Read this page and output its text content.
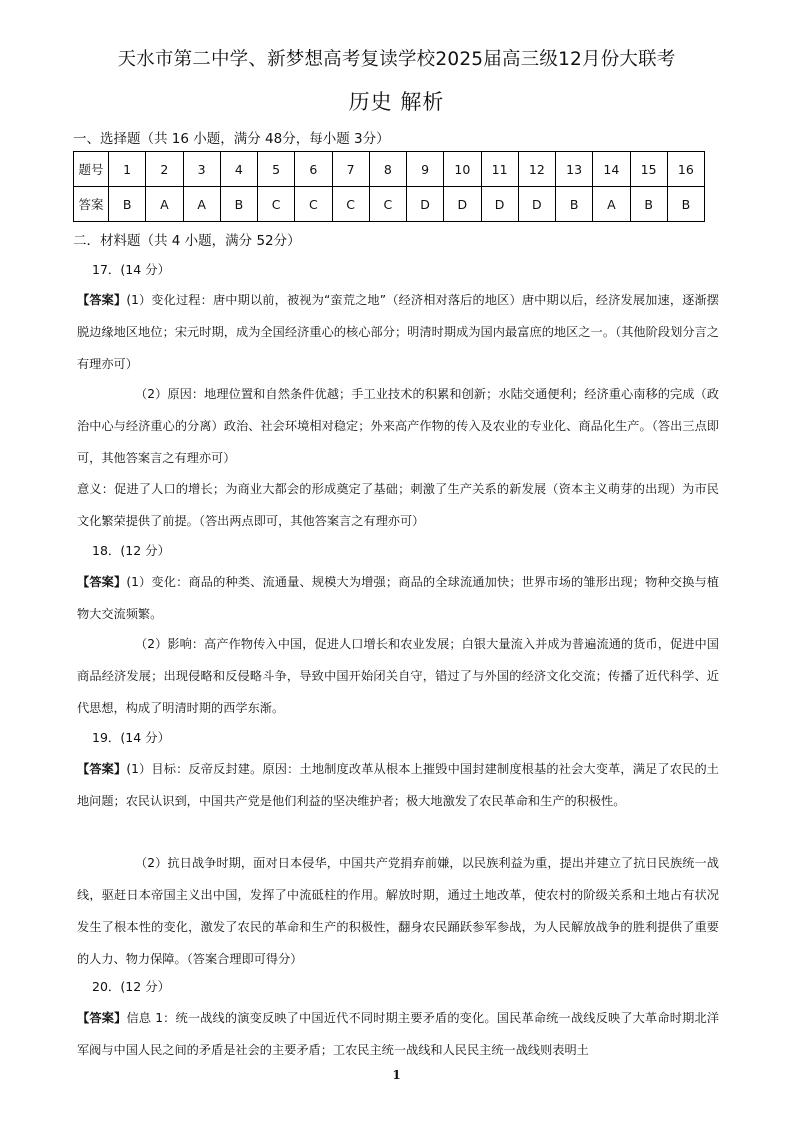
天水市第二中学、新梦想高考复读学校2025届高三级12月份大联考
历史 解析
一、选择题（共 16 小题，满分 48分，每小题 3分）
题号	1	2	3	4	5	6	7	8	9	10	11	12	13	14	15	16
答案	B	A	A	B	C	C	C	C	D	D	D	D	B	A	B	B
二．材料题（共 4 小题，满分 52分）
17．(14 分）
【答案】(1）变化过程：唐中期以前，被视为“蛮荒之地”（经济相对落后的地区）唐中期以后，经济发展加速，逐渐摆脱边缘地区地位；宋元时期，成为全国经济重心的核心部分；明清时期成为国内最富庶的地区之一。（其他阶段划分言之有理亦可）
（2）原因：地理位置和自然条件优越；手工业技术的积累和创新；水陆交通便利；经济重心南移的完成（政治中心与经济重心的分离）政治、社会环境相对稳定；外来高产作物的传入及农业的专业化、商品化生产。（答出三点即可，其他答案言之有理亦可）
意义：促进了人口的增长；为商业大都会的形成奠定了基础；刺激了生产关系的新发展（资本主义萌芽的出现）为市民文化繁荣提供了前提。（答出两点即可，其他答案言之有理亦可）
18．(12 分）
【答案】(1）变化：商品的种类、流通量、规模大为增强；商品的全球流通加快；世界市场的雏形出现；物种交换与植物大交流频繁。
（2）影响：高产作物传入中国，促进人口增长和农业发展；白银大量流入并成为普遍流通的货币，促进中国商品经济发展；出现侵略和反侵略斗争，导致中国开始闭关自守，错过了与外国的经济文化交流；传播了近代科学、近代思想，构成了明清时期的西学东渐。
19．(14 分）
【答案】(1）目标：反帝反封建。原因：土地制度改革从根本上摧毁中国封建制度根基的社会大变革，满足了农民的土地问题；农民认识到，中国共产党是他们利益的坚决维护者；极大地激发了农民革命和生产的积极性。
（2）抗日战争时期，面对日本侵华，中国共产党捐弃前嫌，以民族利益为重，提出并建立了抗日民族统一战线，驱赶日本帝国主义出中国，发挥了中流砥柱的作用。解放时期，通过土地改革，使农村的阶级关系和土地占有状况发生了根本性的变化，激发了农民的革命和生产的积极性，翻身农民踊跃参军参战，为人民解放战争的胜利提供了重要的人力、物力保障。（答案合理即可得分）
20．(12 分）
【答案】信息 1：统一战线的演变反映了中国近代不同时期主要矛盾的变化。国民革命统一战线反映了大革命时期北洋军阀与中国人民之间的矛盾是社会的主要矛盾；工农民主统一战线和人民民主统一战线则表明土
1
